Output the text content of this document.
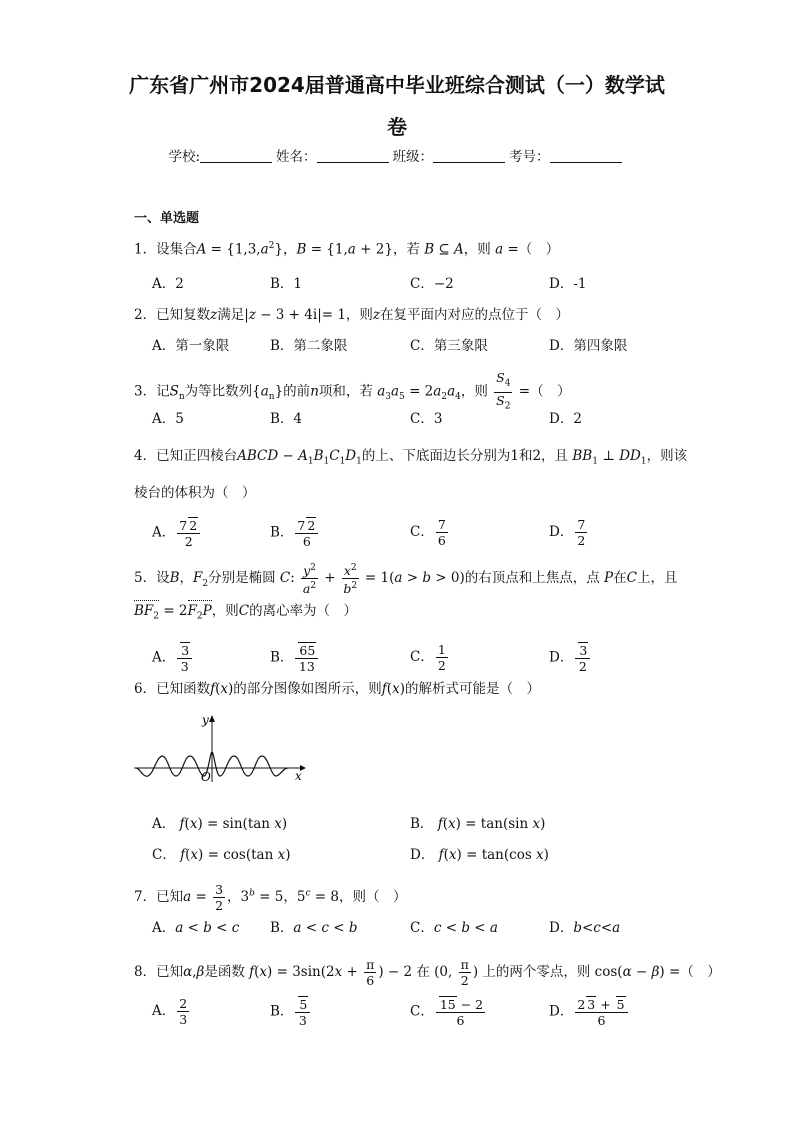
广东省广州市2024届普通高中毕业班综合测试（一）数学试
卷
学校:	姓名：	班级：	考号：
一、单选题
1．设集合$A = \{1,3,a^2\}$，B = {1,a + 2}，若 B ⊆ A，则 a =（　）
A．2	B．1	C．−2	D．-1
2．已知复数z满足|z − 3 + 4i|= 1，则z在复平面内对应的点位于（　）
A．第一象限	B．第二象限	C．第三象限	D．第四象限
3．记$S_n$为等比数列$\{a_n\}$的前n项和，若 $a_3a_5 = 2a_2a_4$，则 $\frac{S_4}{S_2}$ =（　）
A．5	B．4	C．3	D．2
4．已知正四棱台ABCD − $A_1B_1C_1D_1$的上、下底面边长分别为1和2，且 $BB_1$ ⊥ $DD_1$，则该
棱台的体积为（　）
A． $\frac{7 2}{2}$	B． $\frac{7 2}{6}$	C． $\frac{7}{6}$	D． $\frac{7}{2}$
5．设B，$F_2$分别是椭圆 C: $\frac{y^2}{a^2} + \frac{x^2}{b^2} = 1(a > b > 0)$的右顶点和上焦点，点 P在C上，且
$BF_2 = 2F_2P$，则C的离心率为（　）
A． $\frac{3}{3}$	B． $\frac{65}{13}$	C． $\frac{1}{2}$	D． $\frac{3}{2}$
6．已知函数f(x)的部分图像如图所示，则f(x)的解析式可能是（　）
y
O	x
A． f(x) = sin(tan x)	B． f(x) = tan(sin x)
C． f(x) = cos(tan x)	D． f(x) = tan(cos x)
7．已知$a = \frac{3}{2}$ ，$3^b = 5$，$5^c = 8$，则（　）
A．a < b < c B．a < c < b	C．c < b < a	D．b<c<a
8．已知α,β是函数 $f(x) = 3\sin(2x + \frac{\pi}{6}$ ) − 2 在 (0, $\frac{\pi}{2}$ ) 上的两个零点，则 cos(α − β) =（　）
A． $\frac{2}{3}$	B． $\frac{5}{3}$	C． $\frac{15 - 2}{6}$	D． $\frac{2 3 + 5}{6}$
